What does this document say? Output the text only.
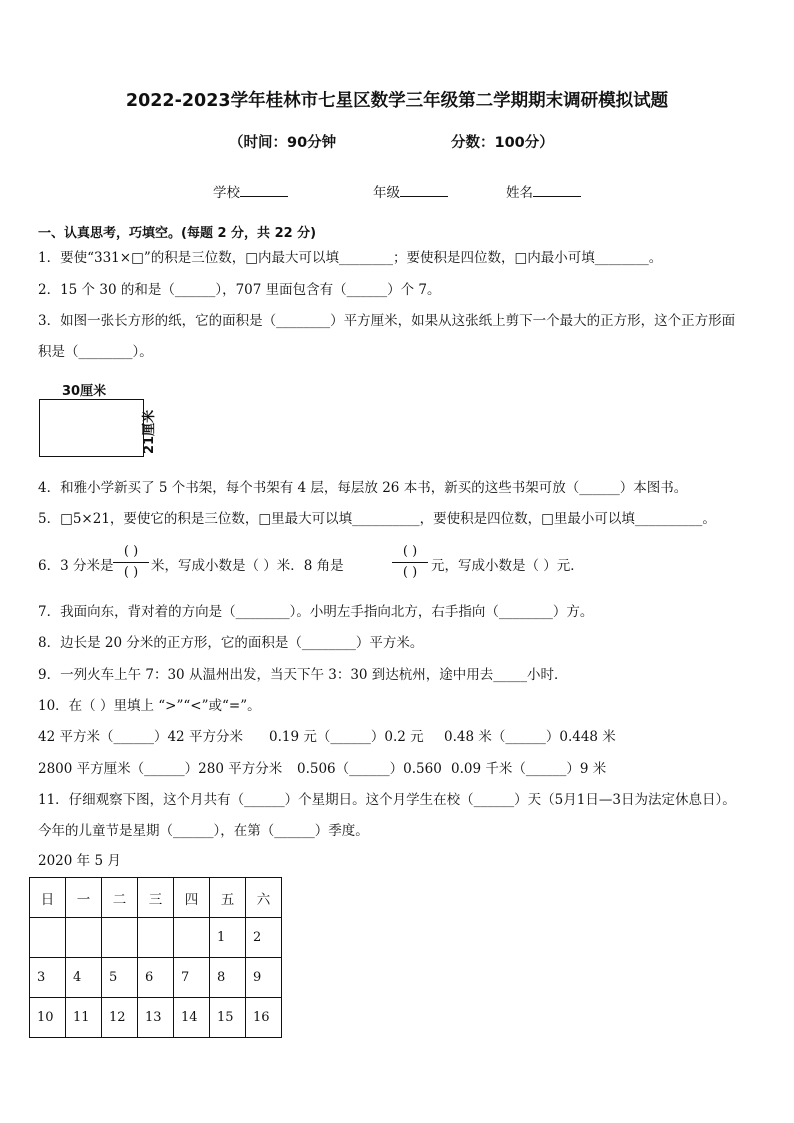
2022-2023学年桂林市七星区数学三年级第二学期期末调研模拟试题
（时间：90分钟	分数：100分）
学校	年级	姓名
一、认真思考，巧填空。(每题 2 分，共 22 分)
1．要使“331×□”的积是三位数，□内最大可以填________；要使积是四位数，□内最小可填________。
2．15 个 30 的和是（______），707 里面包含有（______）个 7。
3．如图一张长方形的纸，它的面积是（________）平方厘米，如果从这张纸上剪下一个最大的正方形，这个正方形面
积是（________）。
30厘米
21厘米
4．和雅小学新买了 5 个书架，每个书架有 4 层，每层放 26 本书，新买的这些书架可放（______）本图书。
5．□5×21，要使它的积是三位数，□里最大可以填__________，要使积是四位数，□里最小可以填__________。
6．3 分米是
( )
( ) 米，写成小数是（ ）米．8 角是
( )
( )	元，写成小数是（ ）元．
7．我面向东，背对着的方向是（________）。小明左手指向北方，右手指向（________）方。
8．边长是 20 分米的正方形，它的面积是（________）平方米。
9．一列火车上午 7：30 从温州出发，当天下午 3：30 到达杭州，途中用去_____小时．
10．在（ ）里填上 “>”“<”或“=”。
42 平方米（______）42 平方分米 0.19 元（______）0.2 元 0.48 米（______）0.448 米
2800 平方厘米（______）280 平方分米 0.506（______）0.560 0.09 千米（______）9 米
11．仔细观察下图，这个月共有（______）个星期日。这个月学生在校（______）天（5月1日—3日为法定休息日）。
今年的儿童节是星期（______），在第（______）季度。
2020 年 5 月
日	一	二	三	四	五	六
					1	2
3	4	5	6	7	8	9
10	11	12	13	14	15	16
